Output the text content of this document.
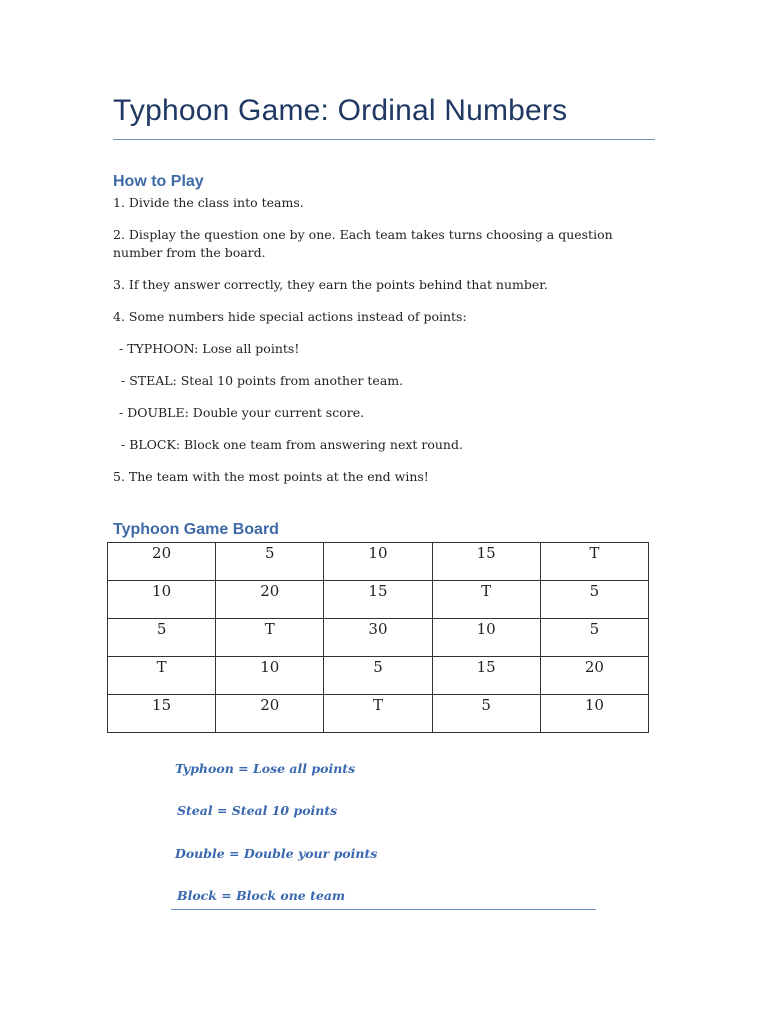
Typhoon Game: Ordinal Numbers
How to Play

1. Divide the class into teams.

2. Display the question one by one. Each team takes turns choosing a question number from the board.

3. If they answer correctly, they earn the points behind that number.

4. Some numbers hide special actions instead of points:

- TYPHOON: Lose all points!

- STEAL: Steal 10 points from another team.

- DOUBLE: Double your current score.

- BLOCK: Block one team from answering next round.

5. The team with the most points at the end wins!

Typhoon Game Board
20	5	10	15	T
10	20	15	T	5
5	T	30	10	5
T	10	5	15	20
15	20	T	5	10

Typhoon = Lose all points

Steal = Steal 10 points

Double = Double your points

Block = Block one team
